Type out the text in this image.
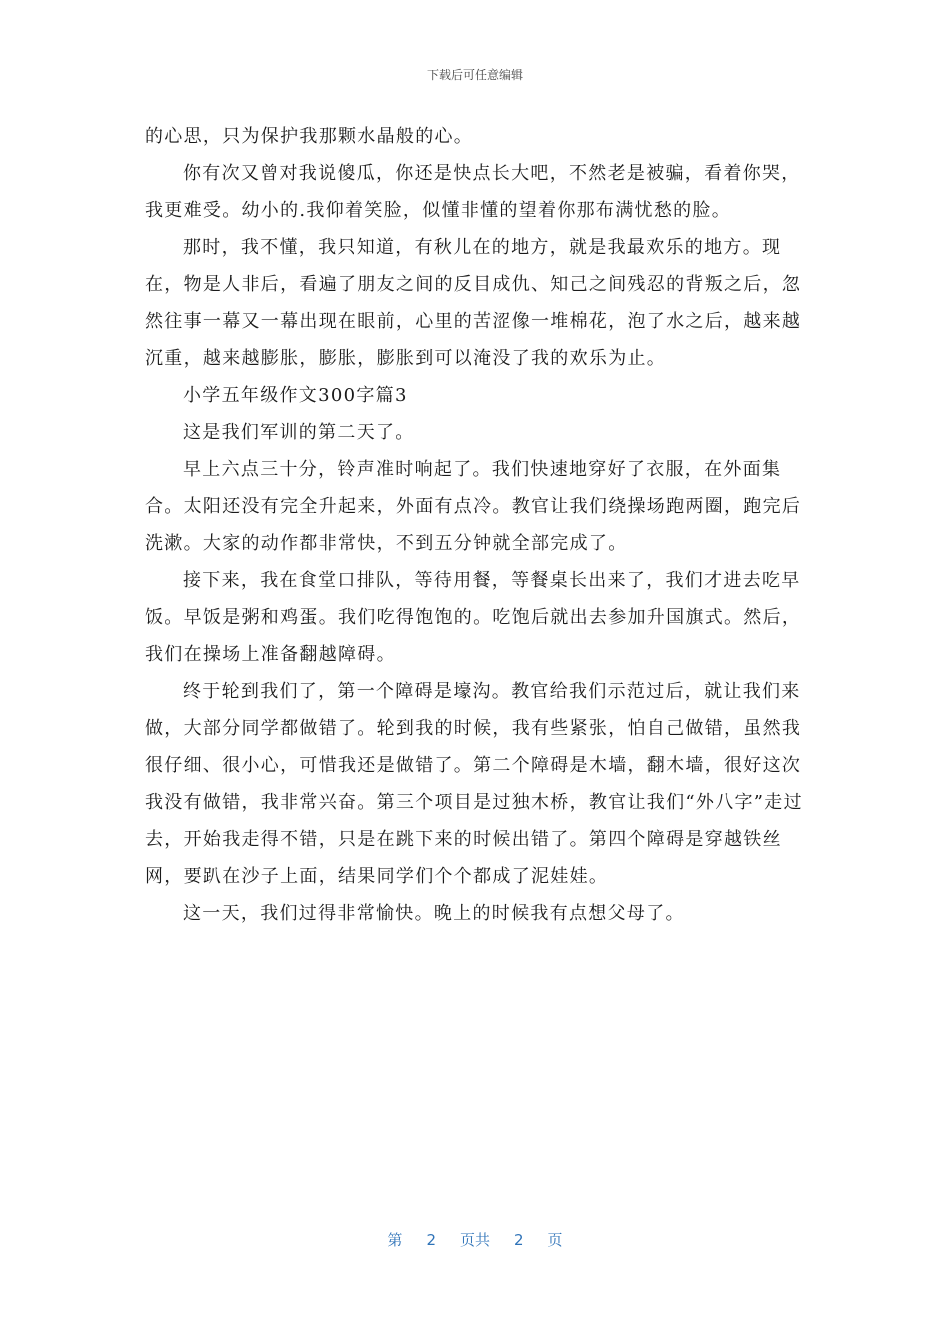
下载后可任意编辑

的心思，只为保护我那颗水晶般的心。

你有次又曾对我说傻瓜，你还是快点长大吧，不然老是被骗，看着你哭，我更难受。幼小的.我仰着笑脸，似懂非懂的望着你那布满忧愁的脸。

那时，我不懂，我只知道，有秋儿在的地方，就是我最欢乐的地方。现在，物是人非后，看遍了朋友之间的反目成仇、知己之间残忍的背叛之后，忽然往事一幕又一幕出现在眼前，心里的苦涩像一堆棉花，泡了水之后，越来越沉重，越来越膨胀，膨胀，膨胀到可以淹没了我的欢乐为止。

小学五年级作文300字篇3

这是我们军训的第二天了。

早上六点三十分，铃声准时响起了。我们快速地穿好了衣服，在外面集合。太阳还没有完全升起来，外面有点冷。教官让我们绕操场跑两圈，跑完后洗漱。大家的动作都非常快，不到五分钟就全部完成了。

接下来，我在食堂口排队，等待用餐，等餐桌长出来了，我们才进去吃早饭。早饭是粥和鸡蛋。我们吃得饱饱的。吃饱后就出去参加升国旗式。然后，我们在操场上准备翻越障碍。

终于轮到我们了，第一个障碍是壕沟。教官给我们示范过后，就让我们来做，大部分同学都做错了。轮到我的时候，我有些紧张，怕自己做错，虽然我很仔细、很小心，可惜我还是做错了。第二个障碍是木墙，翻木墙，很好这次我没有做错，我非常兴奋。第三个项目是过独木桥，教官让我们“外八字”走过去，开始我走得不错，只是在跳下来的时候出错了。第四个障碍是穿越铁丝网，要趴在沙子上面，结果同学们个个都成了泥娃娃。

这一天，我们过得非常愉快。晚上的时候我有点想父母了。

第 2 页共 2 页
